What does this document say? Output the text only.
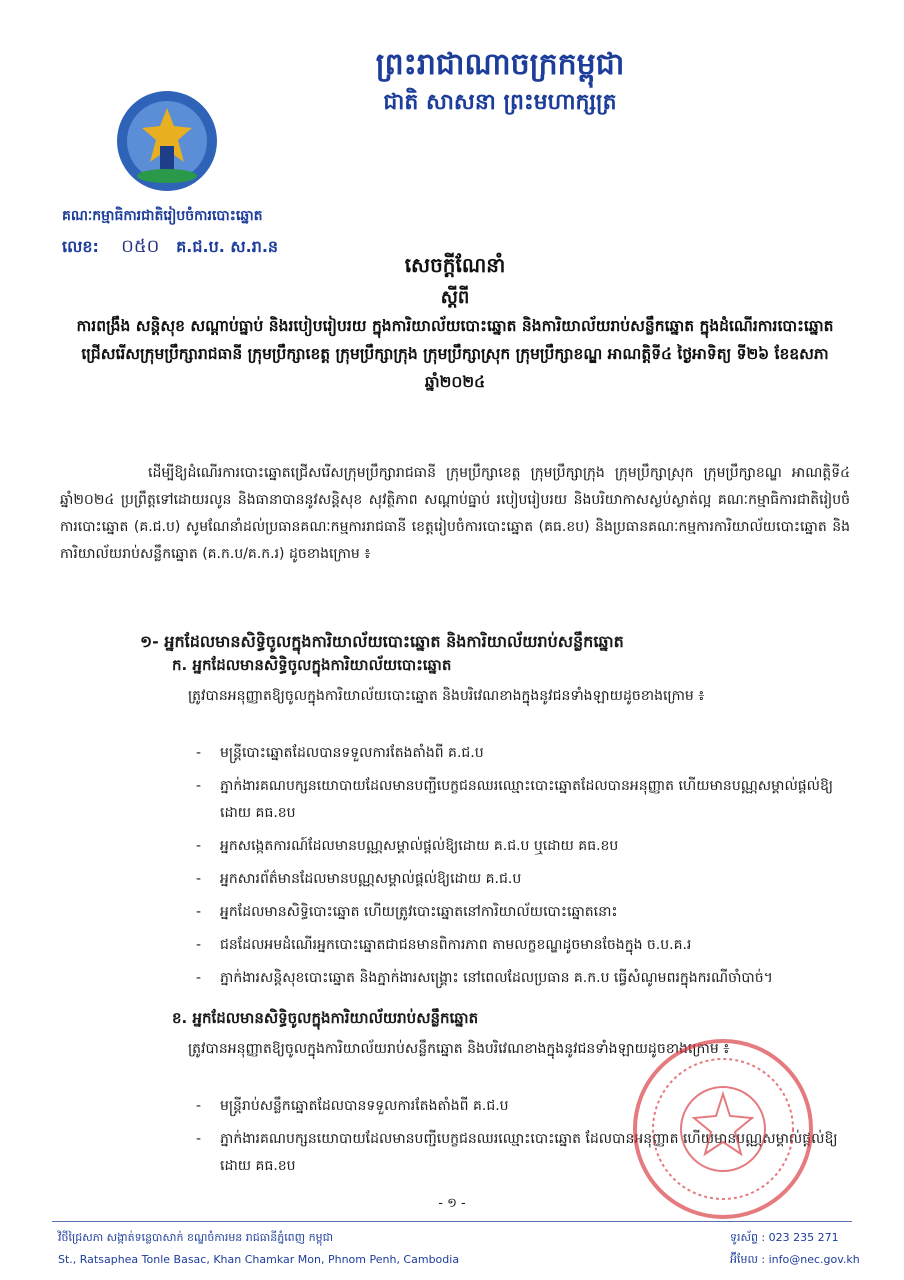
ព្រះរាជាណាចក្រកម្ពុជា
ជាតិ សាសនា ព្រះមហាក្សត្រ
គណៈកម្មាធិការជាតិរៀបចំការបោះឆ្នោត
លេខ: ០៥០ គ.ជ.ប. ស.រា.ន
សេចក្ដីណែនាំ
ស្ដីពី
ការពង្រឹង សន្ដិសុខ សណ្ដាប់ធ្នាប់ និងរបៀបរៀបរយ ក្នុងការិយាល័យបោះឆ្នោត និងការិយាល័យរាប់សន្លឹកឆ្នោត ក្នុងដំណើរការបោះឆ្នោតជ្រើសរើសក្រុមប្រឹក្សារាជធានី ក្រុមប្រឹក្សាខេត្ត ក្រុមប្រឹក្សាក្រុង ក្រុមប្រឹក្សាស្រុក ក្រុមប្រឹក្សាខណ្ឌ អាណត្តិទី៤ ថ្ងៃអាទិត្យ ទី២៦ ខែឧសភា ឆ្នាំ២០២៤
ដើម្បីឱ្យដំណើរការបោះឆ្នោតជ្រើសរើសក្រុមប្រឹក្សារាជធានី ក្រុមប្រឹក្សាខេត្ត ក្រុមប្រឹក្សាក្រុង ក្រុមប្រឹក្សាស្រុក ក្រុមប្រឹក្សាខណ្ឌ អាណត្តិទី៤ ឆ្នាំ២០២៤ ប្រព្រឹត្តទៅដោយរលូន និងធានាបាននូវសន្ដិសុខ សុវត្ថិភាព សណ្ដាប់ធ្នាប់ របៀបរៀបរយ និងបរិយាកាសស្ងប់ស្ងាត់ល្អ គណៈកម្មាធិការជាតិរៀបចំការបោះឆ្នោត (គ.ជ.ប) សូមណែនាំដល់ប្រធានគណៈកម្មការរាជធានី ខេត្តរៀបចំការបោះឆ្នោត (គធ.ខប) និងប្រធានគណៈកម្មការការិយាល័យបោះឆ្នោត និងការិយាល័យរាប់សន្លឹកឆ្នោត (គ.ក.ប/គ.ក.រ) ដូចខាងក្រោម ៖
១- អ្នកដែលមានសិទ្ធិចូលក្នុងការិយាល័យបោះឆ្នោត និងការិយាល័យរាប់សន្លឹកឆ្នោត
ក. អ្នកដែលមានសិទ្ធិចូលក្នុងការិយាល័យបោះឆ្នោត
ត្រូវបានអនុញ្ញាតឱ្យចូលក្នុងការិយាល័យបោះឆ្នោត និងបរិវេណខាងក្នុងនូវជនទាំងឡាយដូចខាងក្រោម ៖
- មន្ត្រីបោះឆ្នោតដែលបានទទួលការតែងតាំងពី គ.ជ.ប
- ភ្នាក់ងារគណបក្សនយោបាយដែលមានបញ្ជីបេក្ខជនឈរឈ្មោះបោះឆ្នោតដែលបានអនុញ្ញាត ហើយមានបណ្ណសម្គាល់ផ្ដល់ឱ្យដោយ គធ.ខប
- អ្នកសង្កេតការណ៍ដែលមានបណ្ណសម្គាល់ផ្ដល់ឱ្យដោយ គ.ជ.ប ឬដោយ គធ.ខប
- អ្នកសារព័ត៌មានដែលមានបណ្ណសម្គាល់ផ្ដល់ឱ្យដោយ គ.ជ.ប
- អ្នកដែលមានសិទ្ធិបោះឆ្នោត ហើយត្រូវបោះឆ្នោតនៅការិយាល័យបោះឆ្នោតនោះ
- ជនដែលអមដំណើរអ្នកបោះឆ្នោតជាជនមានពិការភាព តាមលក្ខខណ្ឌដូចមានចែងក្នុង ច.ប.គ.រ
- ភ្នាក់ងារសន្ដិសុខបោះឆ្នោត និងភ្នាក់ងារសង្គ្រោះ នៅពេលដែលប្រធាន គ.ក.ប ធ្វើសំណូមពរក្នុងករណីចាំបាច់។
ខ. អ្នកដែលមានសិទ្ធិចូលក្នុងការិយាល័យរាប់សន្លឹកឆ្នោត
ត្រូវបានអនុញ្ញាតឱ្យចូលក្នុងការិយាល័យរាប់សន្លឹកឆ្នោត និងបរិវេណខាងក្នុងនូវជនទាំងឡាយដូចខាងក្រោម ៖
- មន្ត្រីរាប់សន្លឹកឆ្នោតដែលបានទទួលការតែងតាំងពី គ.ជ.ប
- ភ្នាក់ងារគណបក្សនយោបាយដែលមានបញ្ជីបេក្ខជនឈរឈ្មោះបោះឆ្នោត ដែលបានអនុញ្ញាត ហើយមានបណ្ណសម្គាល់ផ្ដល់ឱ្យដោយ គធ.ខប
- ១ -
វិថីជ្រៃសភា សង្កាត់ទន្លេបាសាក់ ខណ្ឌចំការមន រាជធានីភ្នំពេញ កម្ពុជា
St., Ratsaphea Tonle Basac, Khan Chamkar Mon, Phnom Penh, Cambodia
ទូរស័ព្ទ : 023 235 271
អ៊ីមែល : info@nec.gov.kh
